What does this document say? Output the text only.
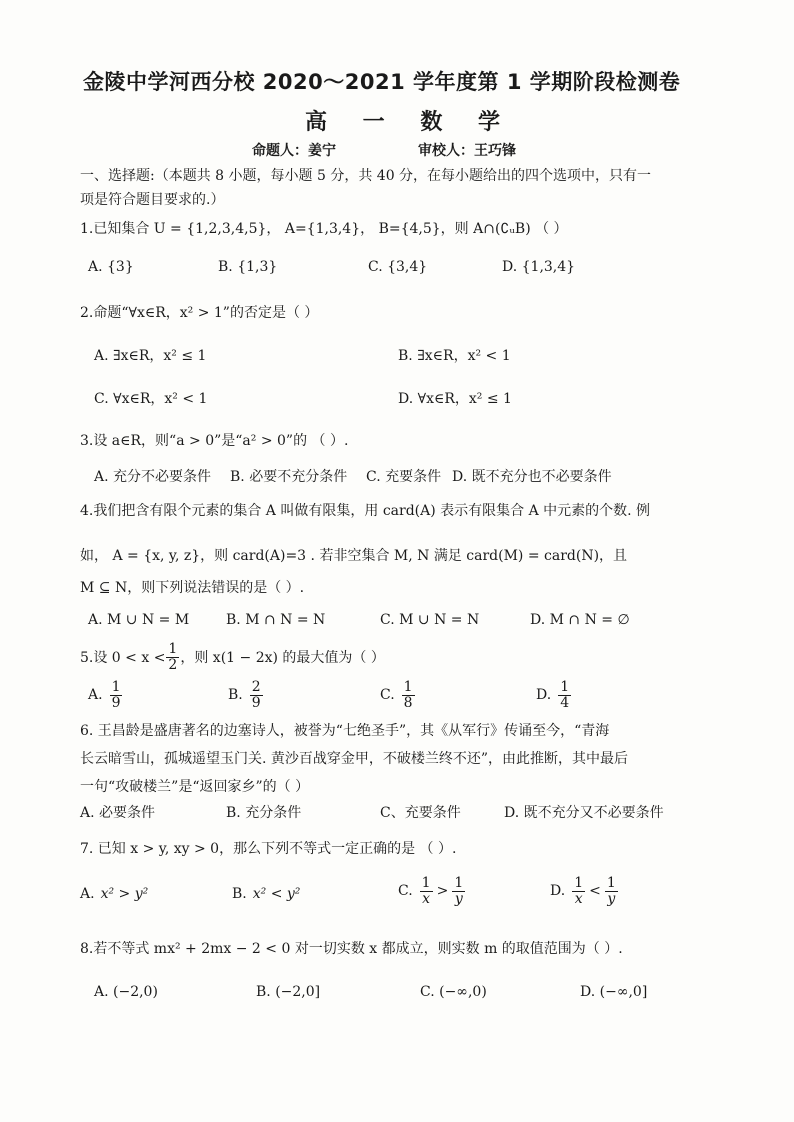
金陵中学河西分校 2020～2021 学年度第 1 学期阶段检测卷
高 一 数 学
命题人：姜宁	审校人：王巧锋
一、选择题:（本题共 8 小题，每小题 5 分，共 40 分，在每小题给出的四个选项中，只有一
项是符合题目要求的.）
1.已知集合 U = {1,2,3,4,5}， A={1,3,4}， B={4,5}，则 A∩(∁ᵤB) （ ）
A. {3}	B. {1,3}	C. {3,4}	D. {1,3,4}
2.命题“∀x∈R，x² > 1”的否定是（ ）
A. ∃x∈R，x² ≤ 1	B. ∃x∈R，x² < 1
C. ∀x∈R，x² < 1	D. ∀x∈R，x² ≤ 1
3.设 a∈R，则“a > 0”是“a² > 0”的 （ ）.
A. 充分不必要条件 B. 必要不充分条件 C. 充要条件 D. 既不充分也不必要条件
4.我们把含有限个元素的集合 A 叫做有限集，用 card(A) 表示有限集合 A 中元素的个数. 例
如， A = {x, y, z}，则 card(A)=3 . 若非空集合 M, N 满足 card(M) = card(N)，且
M ⊆ N，则下列说法错误的是（ ）.
A. M ∪ N = M	B. M ∩ N = N	C. M ∪ N = N	D. M ∩ N = ∅
5.设 $0 < x < \frac{1}{2}$ ，则 x(1 − 2x) 的最大值为（ ）
A. $\frac{1}{9}$	B. $\frac{2}{9}$	C. $\frac{1}{8}$	D. $\frac{1}{4}$
6. 王昌龄是盛唐著名的边塞诗人，被誉为“七绝圣手”，其《从军行》传诵至今，“青海
长云暗雪山，孤城遥望玉门关. 黄沙百战穿金甲，不破楼兰终不还”，由此推断，其中最后
一句“攻破楼兰”是“返回家乡”的（ ）
A. 必要条件	B. 充分条件	C、充要条件	D. 既不充分又不必要条件
7. 已知 x > y, xy > 0，那么下列不等式一定正确的是 （ ）.
A. x² > y²	B. x² < y²	C. $\frac{1}{x} > \frac{1}{y}$	D. $\frac{1}{x} < \frac{1}{y}$
8.若不等式 mx² + 2mx − 2 < 0 对一切实数 x 都成立，则实数 m 的取值范围为（ ）.
A. (−2,0)	B. (−2,0]	C. (−∞,0)	D. (−∞,0]
